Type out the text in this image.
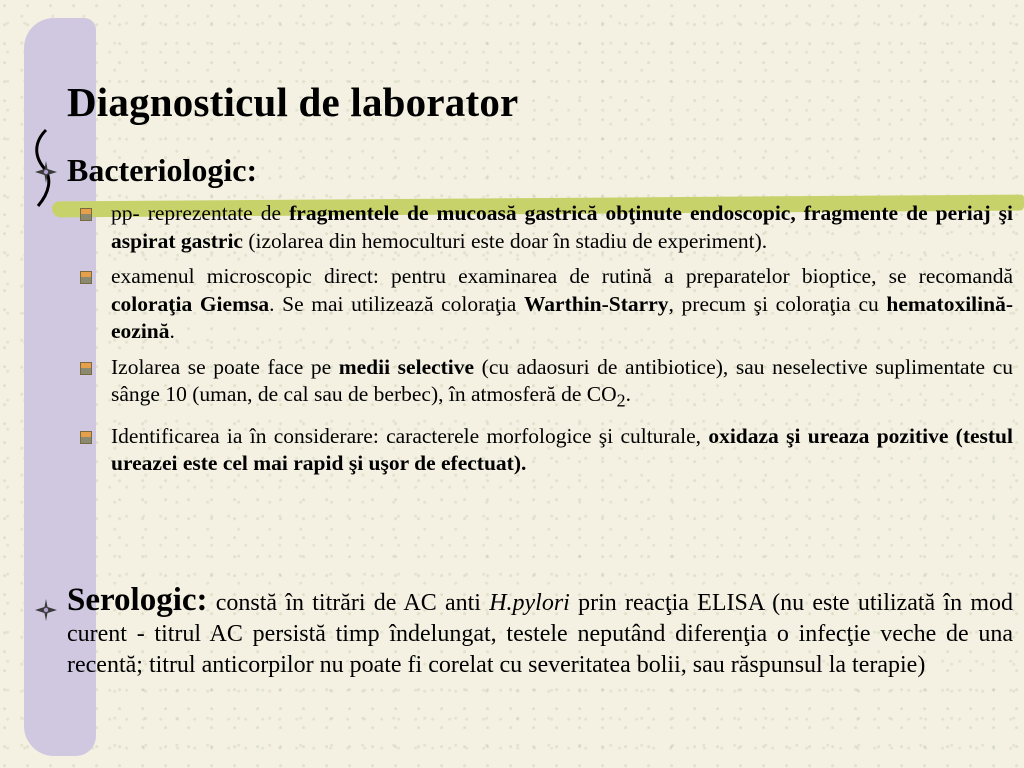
Diagnosticul de laborator
Bacteriologic:
pp- reprezentate de fragmentele de mucoasă gastrică obţinute endoscopic, fragmente de periaj şi aspirat gastric (izolarea din hemoculturi este doar în stadiu de experiment).
examenul microscopic direct: pentru examinarea de rutină a preparatelor bioptice, se recomandă coloraţia Giemsa. Se mai utilizează coloraţia Warthin-Starry, precum şi coloraţia cu hematoxilină-eozină.
Izolarea se poate face pe medii selective (cu adaosuri de antibiotice), sau neselective suplimentate cu sânge 10 (uman, de cal sau de berbec), în atmosferă de $CO_2$.
Identificarea ia în considerare: caracterele morfologice şi culturale, oxidaza şi ureaza pozitive (testul ureazei este cel mai rapid şi uşor de efectuat).

Serologic: constă în titrări de AC anti H.pylori prin reacţia ELISA (nu este utilizată în mod curent - titrul AC persistă timp îndelungat, testele neputând diferenţia o infecţie veche de una recentă; titrul anticorpilor nu poate fi corelat cu severitatea bolii, sau răspunsul la terapie)
